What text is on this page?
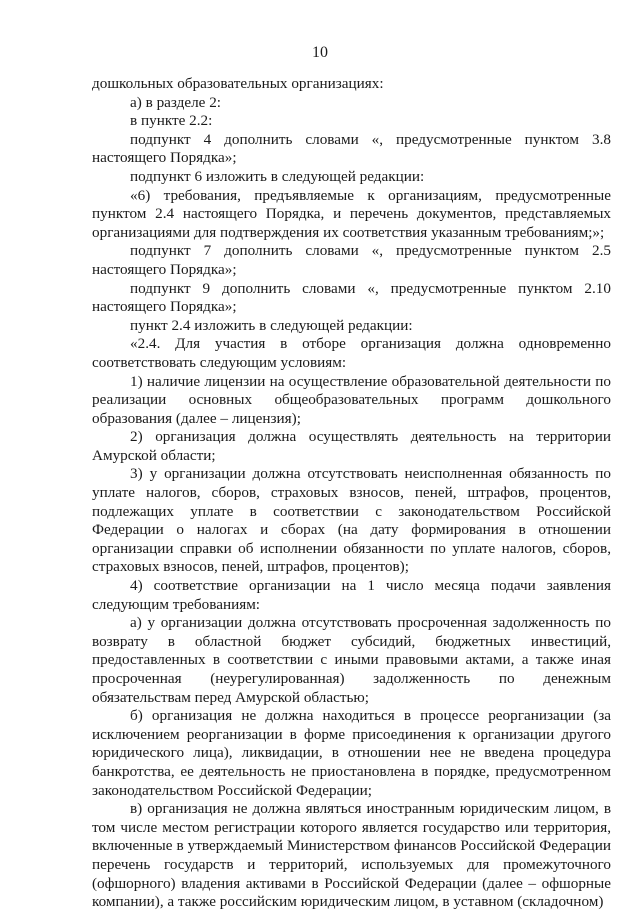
10

дошкольных образовательных организациях:

а) в разделе 2:

в пункте 2.2:

подпункт 4 дополнить словами «, предусмотренные пунктом 3.8 настоящего Порядка»;

подпункт 6 изложить в следующей редакции:

«6) требования, предъявляемые к организациям, предусмотренные пунктом 2.4 настоящего Порядка, и перечень документов, представляемых организациями для подтверждения их соответствия указанным требованиям;»;

подпункт 7 дополнить словами «, предусмотренные пунктом 2.5 настоящего Порядка»;

подпункт 9 дополнить словами «, предусмотренные пунктом 2.10 настоящего Порядка»;

пункт 2.4 изложить в следующей редакции:

«2.4. Для участия в отборе организация должна одновременно соответствовать следующим условиям:

1) наличие лицензии на осуществление образовательной деятельности по реализации основных общеобразовательных программ дошкольного образования (далее – лицензия);

2) организация должна осуществлять деятельность на территории Амурской области;

3) у организации должна отсутствовать неисполненная обязанность по уплате налогов, сборов, страховых взносов, пеней, штрафов, процентов, подлежащих уплате в соответствии с законодательством Российской Федерации о налогах и сборах (на дату формирования в отношении организации справки об исполнении обязанности по уплате налогов, сборов, страховых взносов, пеней, штрафов, процентов);

4) соответствие организации на 1 число месяца подачи заявления следующим требованиям:

а) у организации должна отсутствовать просроченная задолженность по возврату в областной бюджет субсидий, бюджетных инвестиций, предоставленных в соответствии с иными правовыми актами, а также иная просроченная (неурегулированная) задолженность по денежным обязательствам перед Амурской областью;

б) организация не должна находиться в процессе реорганизации (за исключением реорганизации в форме присоединения к организации другого юридического лица), ликвидации, в отношении нее не введена процедура банкротства, ее деятельность не приостановлена в порядке, предусмотренном законодательством Российской Федерации;

в) организация не должна являться иностранным юридическим лицом, в том числе местом регистрации которого является государство или территория, включенные в утверждаемый Министерством финансов Российской Федерации перечень государств и территорий, используемых для промежуточного (офшорного) владения активами в Российской Федерации (далее – офшорные компании), а также российским юридическим лицом, в уставном (складочном)
